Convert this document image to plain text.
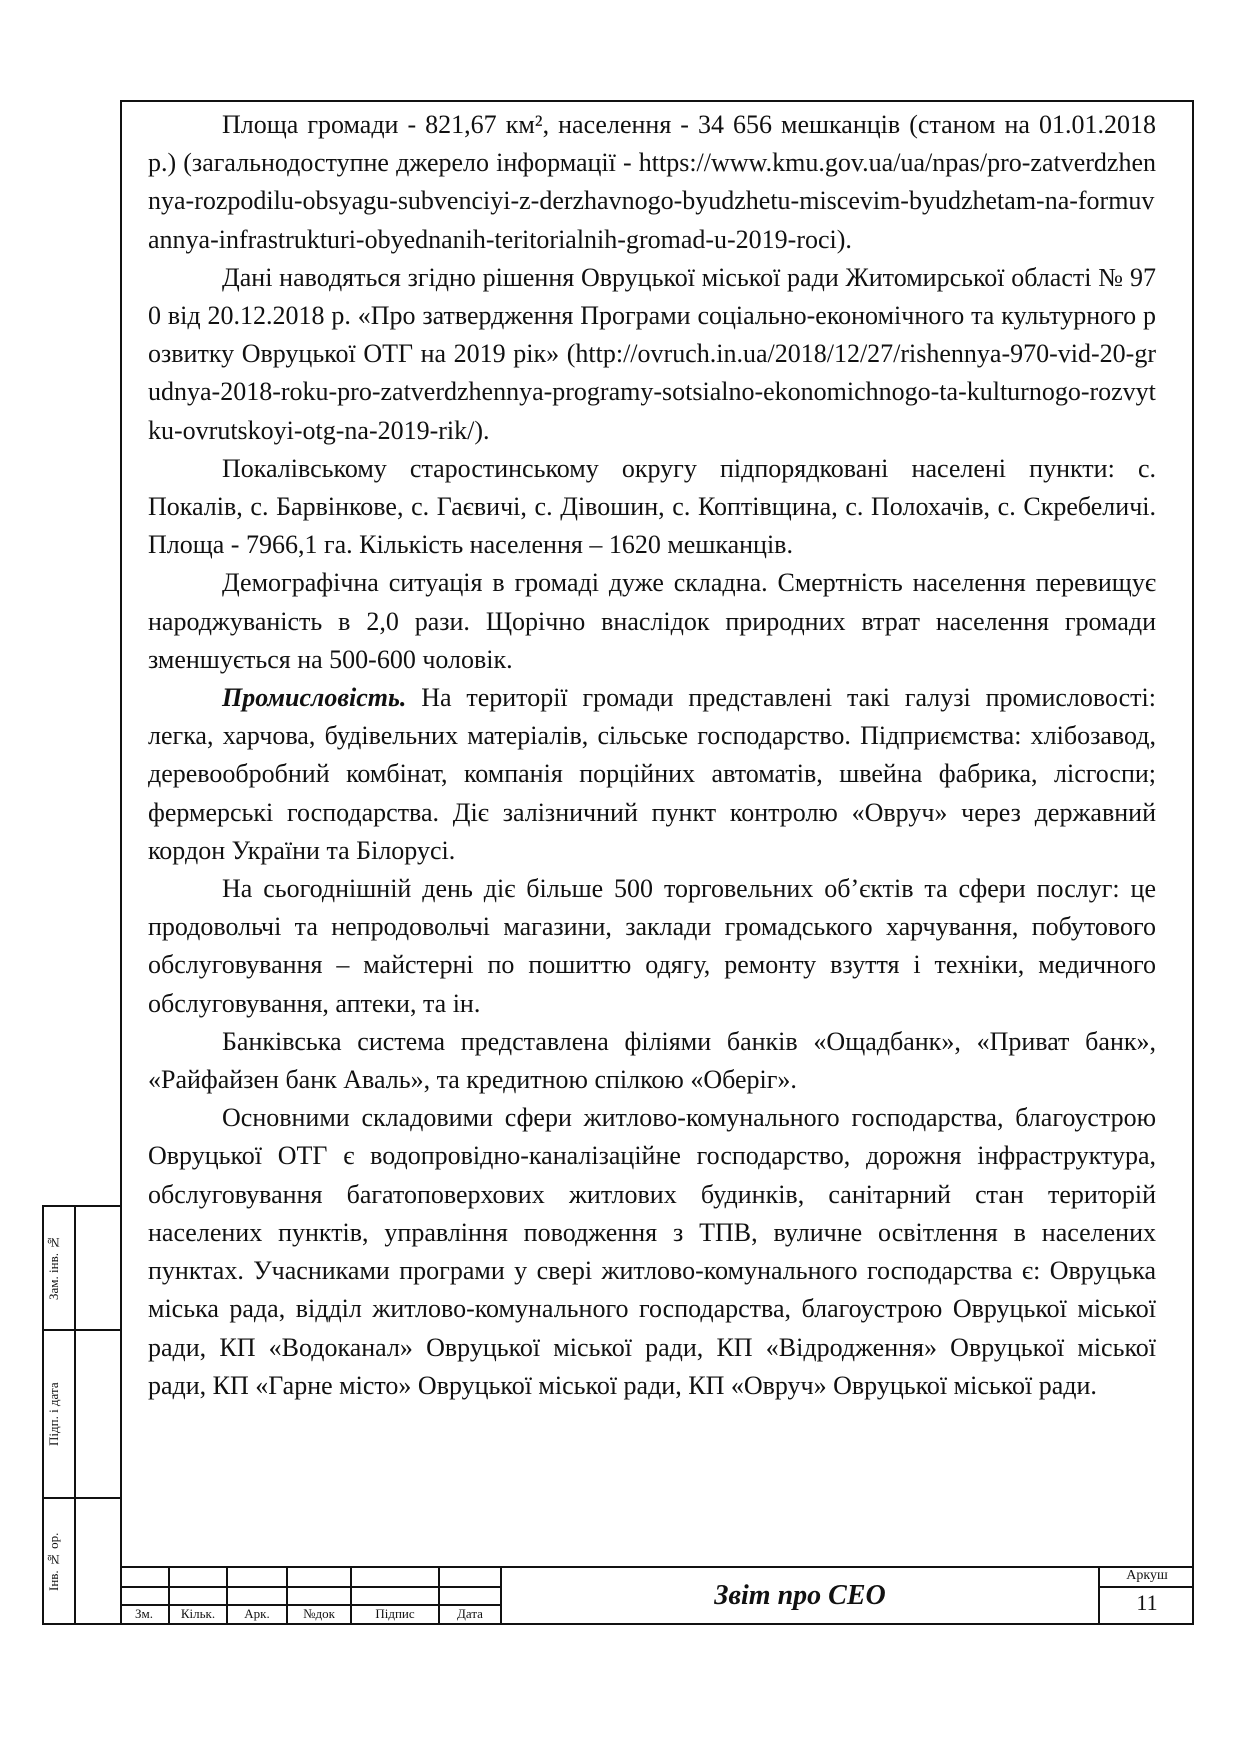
Площа громади - 821,67 км², населення - 34 656 мешканців (станом на 01.01.2018 р.) (загальнодоступне джерело інформації - https://www.kmu.gov.ua/ua/npas/pro-zatverdzhennya-rozpodilu-obsyagu-subvenciyi-z-derzhavnogo-byudzhetu-miscevim-byudzhetam-na-formuvannya-infrastrukturi-obyednanih-teritorialnih-gromad-u-2019-roci).

Дані наводяться згідно рішення Овруцької міської ради Житомирської області № 970 від 20.12.2018 р. «Про затвердження Програми соціально-економічного та культурного розвитку Овруцької ОТГ на 2019 рік» (http://ovruch.in.ua/2018/12/27/rishennya-970-vid-20-grudnya-2018-roku-pro-zatverdzhennya-programy-sotsialno-ekonomichnogo-ta-kulturnogo-rozvytku-ovrutskoyi-otg-na-2019-rik/).

Покалівському старостинському округу підпорядковані населені пункти: с. Покалів, с. Барвінкове, с. Гаєвичі, с. Дівошин, с. Коптівщина, с. Полохачів, с. Скребеличі. Площа - 7966,1 га. Кількість населення – 1620 мешканців.

Демографічна ситуація в громаді дуже складна. Смертність населення перевищує народжуваність в 2,0 рази. Щорічно внаслідок природних втрат населення громади зменшується на 500-600 чоловік.

Промисловість. На території громади представлені такі галузі промисловості: легка, харчова, будівельних матеріалів, сільське господарство. Підприємства: хлібозавод, деревообробний комбінат, компанія порційних автоматів, швейна фабрика, лісгоспи; фермерські господарства. Діє залізничний пункт контролю «Овруч» через державний кордон України та Білорусі.

На сьогоднішній день діє більше 500 торговельних об’єктів та сфери послуг: це продовольчі та непродовольчі магазини, заклади громадського харчування, побутового обслуговування – майстерні по пошиттю одягу, ремонту взуття і техніки, медичного обслуговування, аптеки, та ін.

Банківська система представлена філіями банків «Ощадбанк», «Приват банк», «Райфайзен банк Аваль», та кредитною спілкою «Оберіг».

Основними складовими сфери житлово-комунального господарства, благоустрою Овруцької ОТГ є водопровідно-каналізаційне господарство, дорожня інфраструктура, обслуговування багатоповерхових житлових будинків, санітарний стан територій населених пунктів, управління поводження з ТПВ, вуличне освітлення в населених пунктах. Учасниками програми у свері житлово-комунального господарства є: Овруцька міська рада, відділ житлово-комунального господарства, благоустрою Овруцької міської ради, КП «Водоканал» Овруцької міської ради, КП «Відродження» Овруцької міської ради, КП «Гарне місто» Овруцької міської ради, КП «Овруч» Овруцької міської ради.

Зам. інв. №
Підп. і дата
Інв. № ор.
Зм.	Кільк.	Арк.	№док	Підпис	Дата
Звіт про СЕО
Аркуш
11
